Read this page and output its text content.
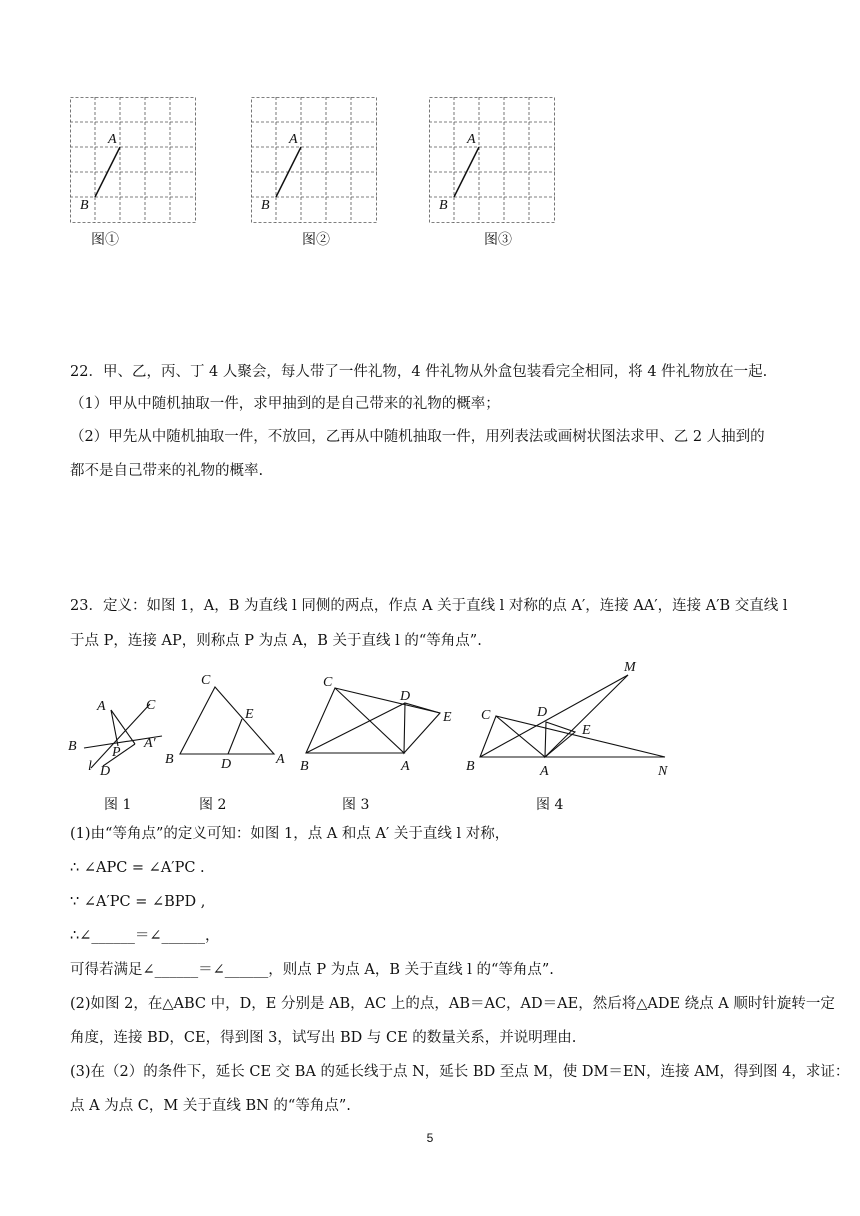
A
B
图①
A
B
图②
A
B
图③
22．甲、乙，丙、丁 4 人聚会，每人带了一件礼物，4 件礼物从外盒包装看完全相同，将 4 件礼物放在一起.
（1）甲从中随机抽取一件，求甲抽到的是自己带来的礼物的概率；
（2）甲先从中随机抽取一件，不放回，乙再从中随机抽取一件，用列表法或画树状图法求甲、乙 2 人抽到的
都不是自己带来的礼物的概率.
23．定义：如图 1，A，B 为直线 l 同侧的两点，作点 A 关于直线 l 对称的点 A′，连接 AA′，连接 A′B 交直线 l
于点 P，连接 AP，则称点 P 为点 A，B 关于直线 l 的“等角点”.
A	C
B	P
A′
l D
图 1
C
E
B	D	A
图 2
C
D
E
B	A
图 3
M
C	D
E
B	A	N
图 4
(1)由“等角点”的定义可知：如图 1，点 A 和点 A′ 关于直线 l 对称，
∴ ∠APC = ∠A′PC .
∵ ∠A′PC = ∠BPD ,
∴∠______＝∠______，
可得若满足∠______＝∠______，则点 P 为点 A，B 关于直线 l 的“等角点”.
(2)如图 2，在△ABC 中，D，E 分别是 AB，AC 上的点，AB＝AC，AD＝AE，然后将△ADE 绕点 A 顺时针旋转一定
角度，连接 BD，CE，得到图 3，试写出 BD 与 CE 的数量关系，并说明理由.
(3)在（2）的条件下，延长 CE 交 BA 的延长线于点 N，延长 BD 至点 M，使 DM＝EN，连接 AM，得到图 4，求证：
点 A 为点 C，M 关于直线 BN 的“等角点”.
5
